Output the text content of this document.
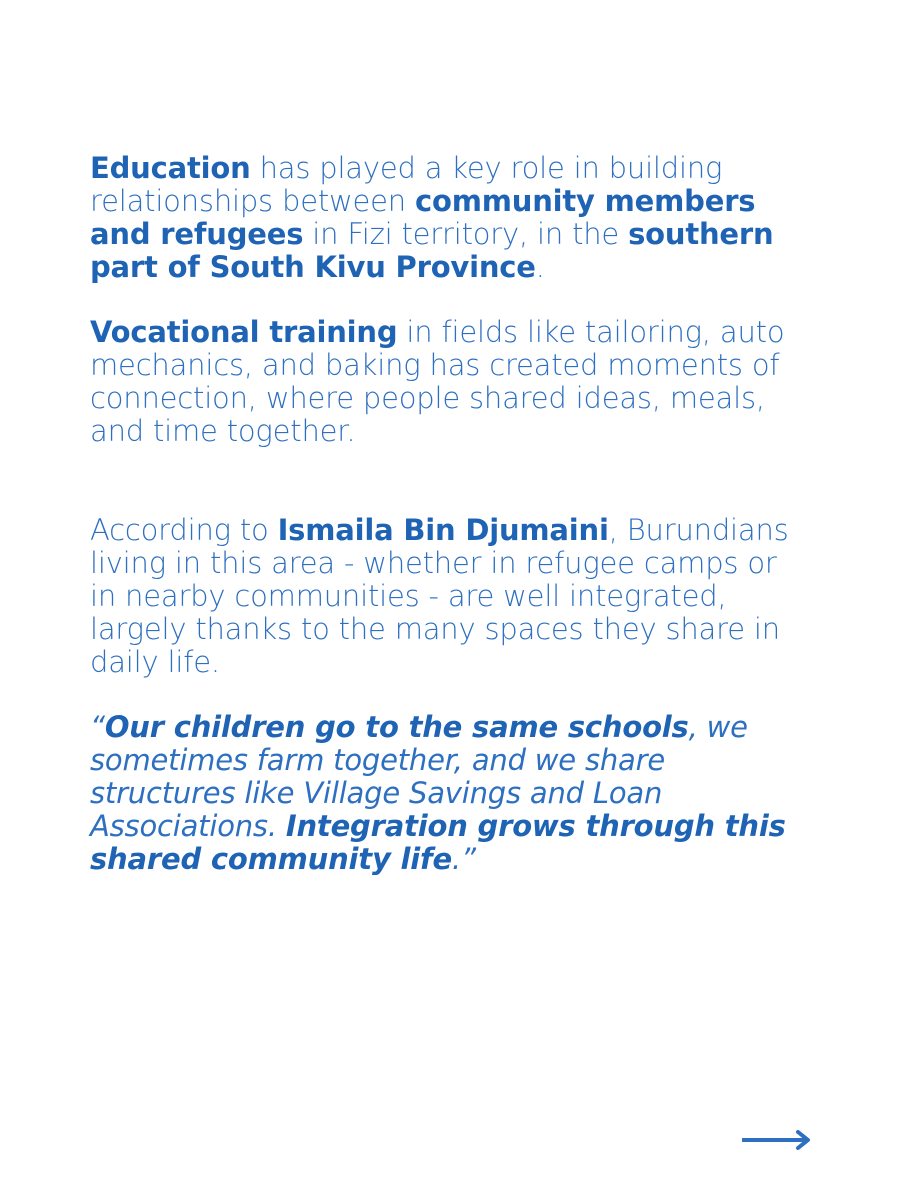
Education has played a key role in building relationships between community members and refugees in Fizi territory, in the southern part of South Kivu Province.

Vocational training in fields like tailoring, auto mechanics, and baking has created moments of connection, where people shared ideas, meals, and time together.

According to Ismaila Bin Djumaini, Burundians living in this area - whether in refugee camps or in nearby communities - are well integrated, largely thanks to the many spaces they share in daily life.

“Our children go to the same schools, we sometimes farm together, and we share structures like Village Savings and Loan Associations. Integration grows through this shared community life.”
